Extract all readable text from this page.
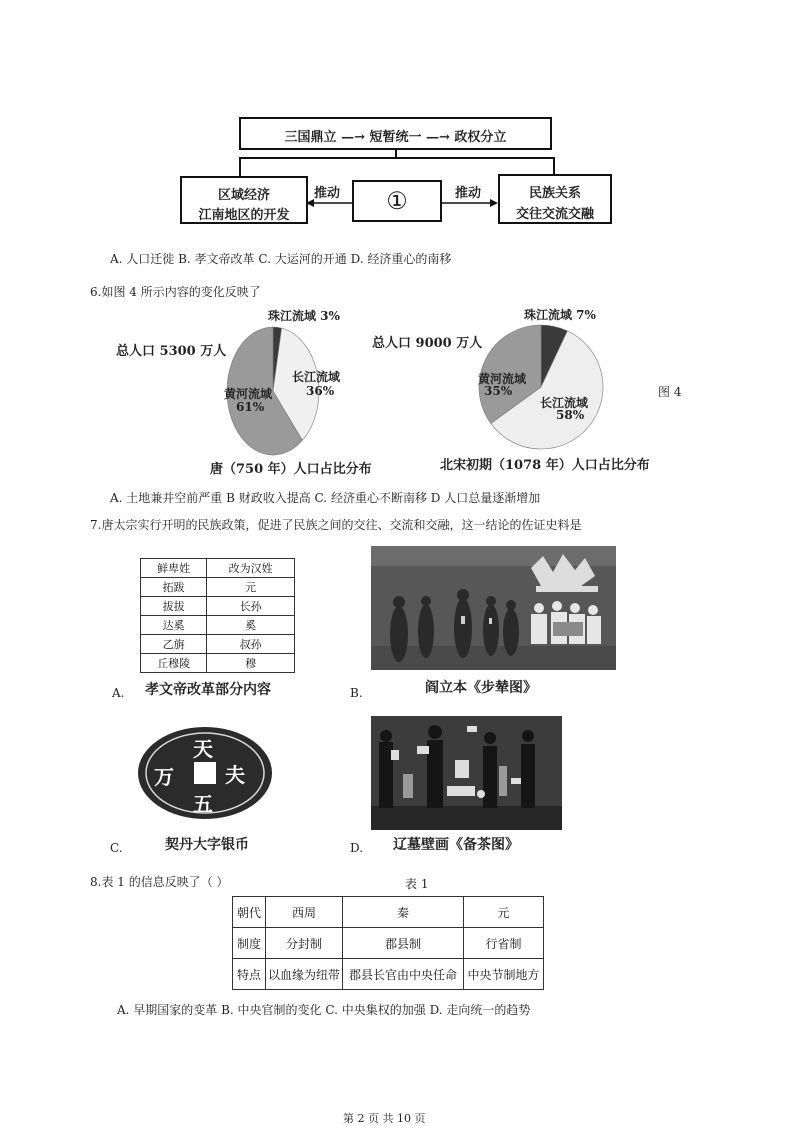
三国鼎立 —→ 短暂统一 —→ 政权分立
区域经济
江南地区的开发
①	民族关系
交往交流交融
推动	推动
A. 人口迁徙 B. 孝文帝改革 C. 大运河的开通 D. 经济重心的南移
6.如图 4 所示内容的变化反映了
总人口 5300 万人
珠江流域 3%
长江流域
36%
黄河流域
61%
唐（750 年）人口占比分布
总人口 9000 万人
珠江流域 7%
黄河流域
35%
长江流域
58%
北宋初期（1078 年）人口占比分布
图 4
A. 土地兼并空前严重 B 财政收入提高 C. 经济重心不断南移 D 人口总量逐渐增加
7.唐太宗实行开明的民族政策，促进了民族之间的交往、交流和交融，这一结论的佐证史料是
鲜卑姓	改为汉姓
拓跋	元
拔拔	长孙
达奚	奚
乙旃	叔孙
丘穆陵	穆
A. 孝文帝改革部分内容	B.	阎立本《步辇图》
天
万	夫
五
C.	契丹大字银币	D. 辽墓壁画《备茶图》
8.表 1 的信息反映了（ ）	表 1
朝代	西周	秦	元
制度	分封制	郡县制	行省制
特点	以血缘为纽带	郡县长官由中央任命	中央节制地方
A. 早期国家的变革 B. 中央官制的变化 C. 中央集权的加强 D. 走向统一的趋势
第 2 页 共 10 页
